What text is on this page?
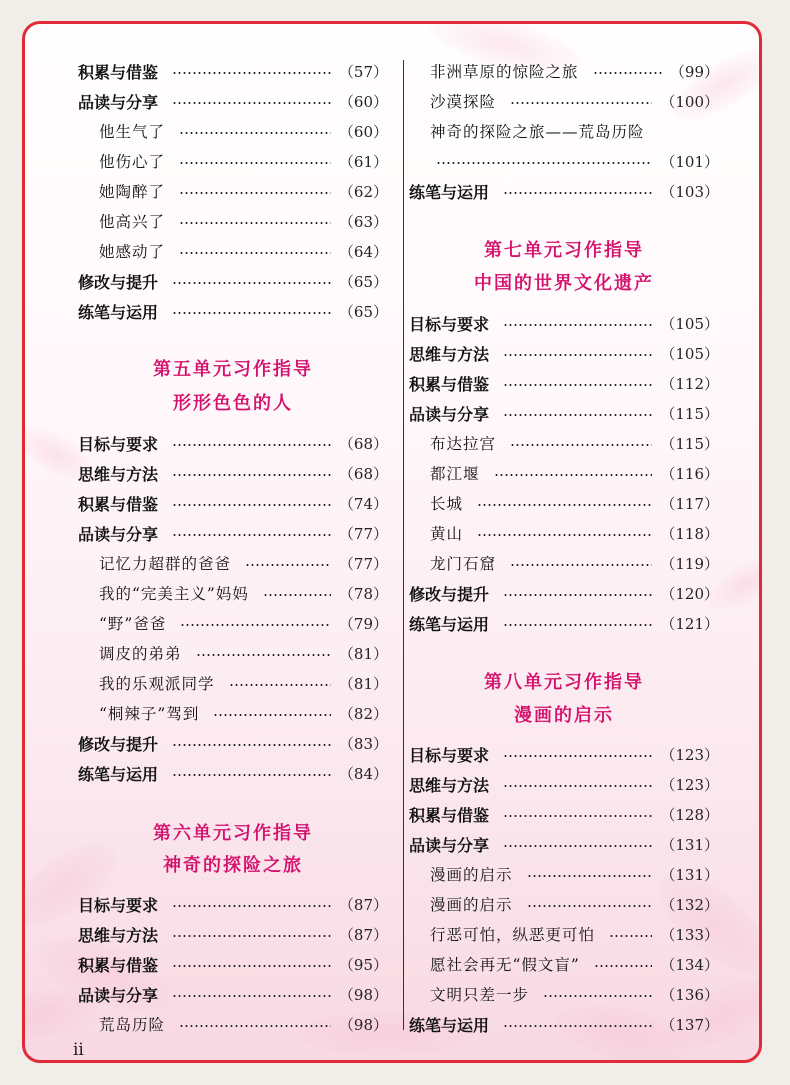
积累与借鉴	（57）
品读与分享	（60）
他生气了	（60）
他伤心了	（61）
她陶醉了	（62）
他高兴了	（63）
她感动了	（64）
修改与提升	（65）
练笔与运用	（65）
第五单元习作指导
形形色色的人
目标与要求	（68）
思维与方法	（68）
积累与借鉴	（74）
品读与分享	（77）
记忆力超群的爸爸	（77）
我的“完美主义”妈妈	（78）
“野”爸爸	（79）
调皮的弟弟	（81）
我的乐观派同学	（81）
“桐辣子”驾到	（82）
修改与提升	（83）
练笔与运用	（84）
第六单元习作指导
神奇的探险之旅
目标与要求	（87）
思维与方法	（87）
积累与借鉴	（95）
品读与分享	（98）
荒岛历险	（98）
非洲草原的惊险之旅	（99）
沙漠探险	（100）
神奇的探险之旅——荒岛历险
（101）
练笔与运用	（103）
第七单元习作指导
中国的世界文化遗产
目标与要求	（105）
思维与方法	（105）
积累与借鉴	（112）
品读与分享	（115）
布达拉宫	（115）
都江堰	（116）
长城	（117）
黄山	（118）
龙门石窟	（119）
修改与提升	（120）
练笔与运用	（121）
第八单元习作指导
漫画的启示
目标与要求	（123）
思维与方法	（123）
积累与借鉴	（128）
品读与分享	（131）
漫画的启示	（131）
漫画的启示	（132）
行恶可怕，纵恶更可怕	（133）
愿社会再无“假文盲”	（134）
文明只差一步	（136）
练笔与运用	（137）
ii
